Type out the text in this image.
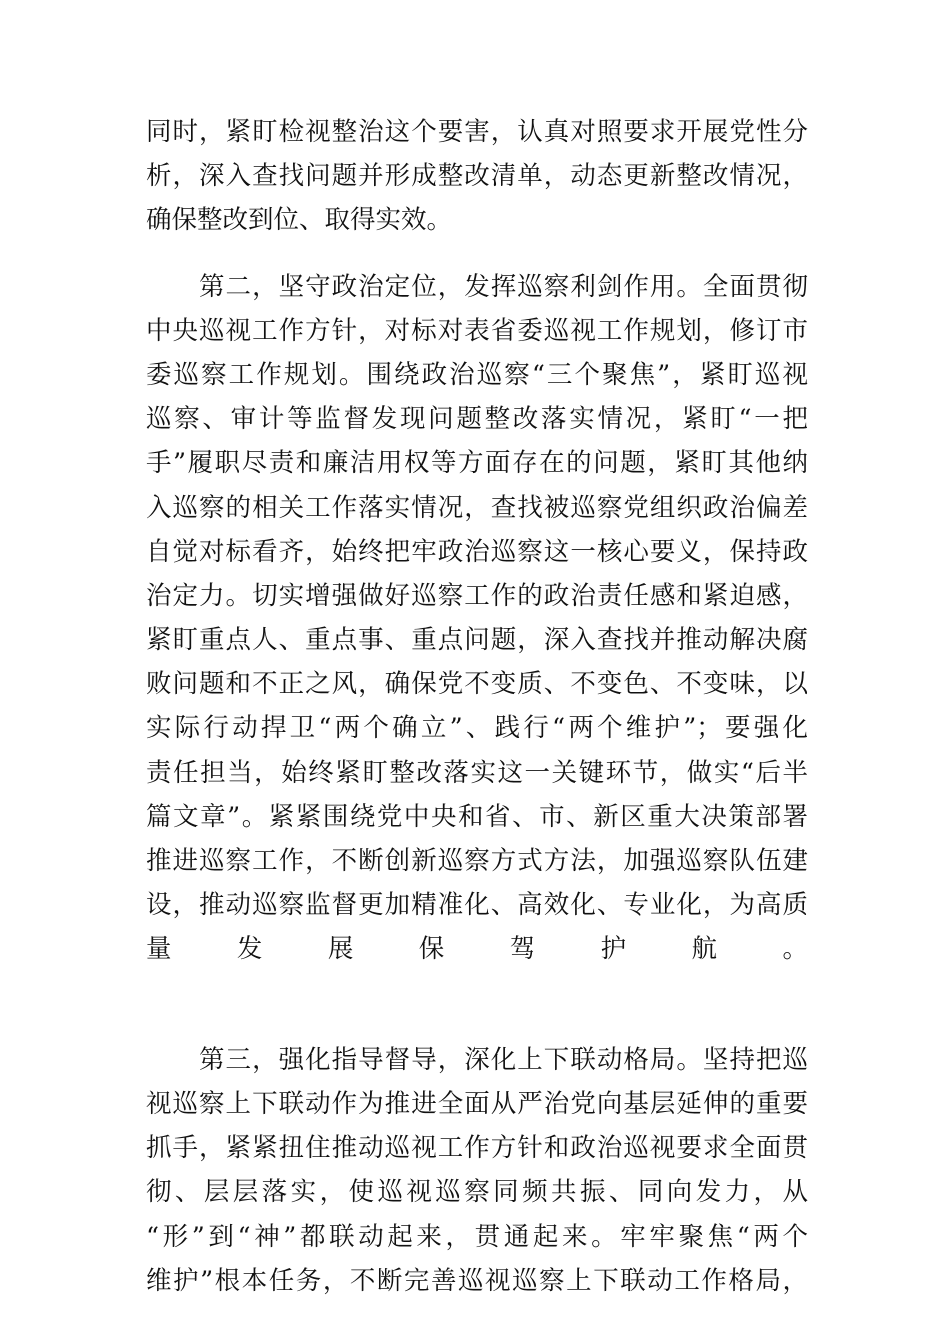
同时，紧盯检视整治这个要害，认真对照要求开展党性分
析，深入查找问题并形成整改清单，动态更新整改情况，
确保整改到位、取得实效。
　　第二，坚守政治定位，发挥巡察利剑作用。全面贯彻
中央巡视工作方针，对标对表省委巡视工作规划，修订市
委巡察工作规划。围绕政治巡察“三个聚焦”，紧盯巡视
巡察、审计等监督发现问题整改落实情况，紧盯“一把
手”履职尽责和廉洁用权等方面存在的问题，紧盯其他纳
入巡察的相关工作落实情况，查找被巡察党组织政治偏差
自觉对标看齐，始终把牢政治巡察这一核心要义，保持政
治定力。切实增强做好巡察工作的政治责任感和紧迫感，
紧盯重点人、重点事、重点问题，深入查找并推动解决腐
败问题和不正之风，确保党不变质、不变色、不变味，以
实际行动捍卫“两个确立”、践行“两个维护”；要强化
责任担当，始终紧盯整改落实这一关键环节，做实“后半
篇文章”。紧紧围绕党中央和省、市、新区重大决策部署
推进巡察工作，不断创新巡察方式方法，加强巡察队伍建
设，推动巡察监督更加精准化、高效化、专业化，为高质
量发展保驾护航。
　　第三，强化指导督导，深化上下联动格局。坚持把巡
视巡察上下联动作为推进全面从严治党向基层延伸的重要
抓手，紧紧扭住推动巡视工作方针和政治巡视要求全面贯
彻、层层落实，使巡视巡察同频共振、同向发力，从
“形”到“神”都联动起来，贯通起来。牢牢聚焦“两个
维护”根本任务，不断完善巡视巡察上下联动工作格局，
